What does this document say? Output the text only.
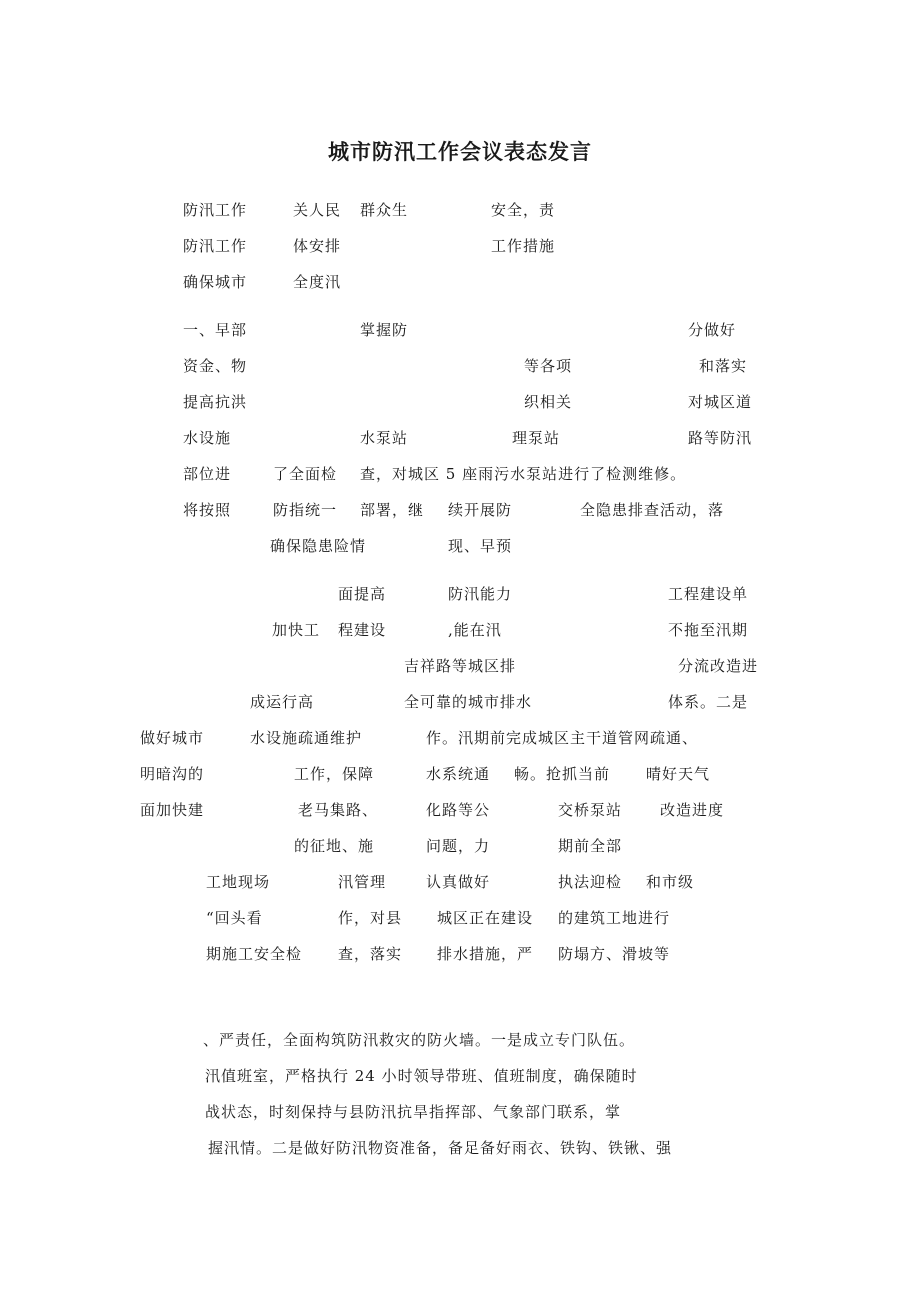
城市防汛工作会议表态发言
防汛工作	关人民 群众生	安全，责
防汛工作	体安排	工作措施
确保城市	全度汛
一、早部	掌握防	分做好
资金、物	等各项	和落实
提高抗洪	织相关	对城区道
水设施	水泵站	理泵站	路等防汛
部位进	了全面检 查，对城区 5 座雨污水泵站进行了检测维修。
将按照	防指统一 部署，继 续开展防	全隐患排查活动，落
确保隐患险情	现、早预
面提高	防汛能力	工程建设单
加快工 程建设	,能在汛	不拖至汛期
吉祥路等城区排	分流改造进
成运行高	全可靠的城市排水	体系。二是
做好城市	水设施疏通维护	作。汛期前完成城区主干道管网疏通、
明暗沟的	工作，保障	水系统通 畅。抢抓当前 晴好天气
面加快建	老马集路、	化路等公	交桥泵站	改造进度
的征地、施	问题，力	期前全部
工地现场	汛管理	认真做好	执法迎检 和市级
“回头看	作，对县 城区正在建设 的建筑工地进行
期施工安全检 查，落实 排水措施，严 防塌方、滑坡等
、严责任，全面构筑防汛救灾的防火墙。一是成立专门队伍。
汛值班室，严格执行 24 小时领导带班、值班制度，确保随时
战状态，时刻保持与县防汛抗旱指挥部、气象部门联系，掌
握汛情。二是做好防汛物资准备，备足备好雨衣、铁钩、铁锹、强
